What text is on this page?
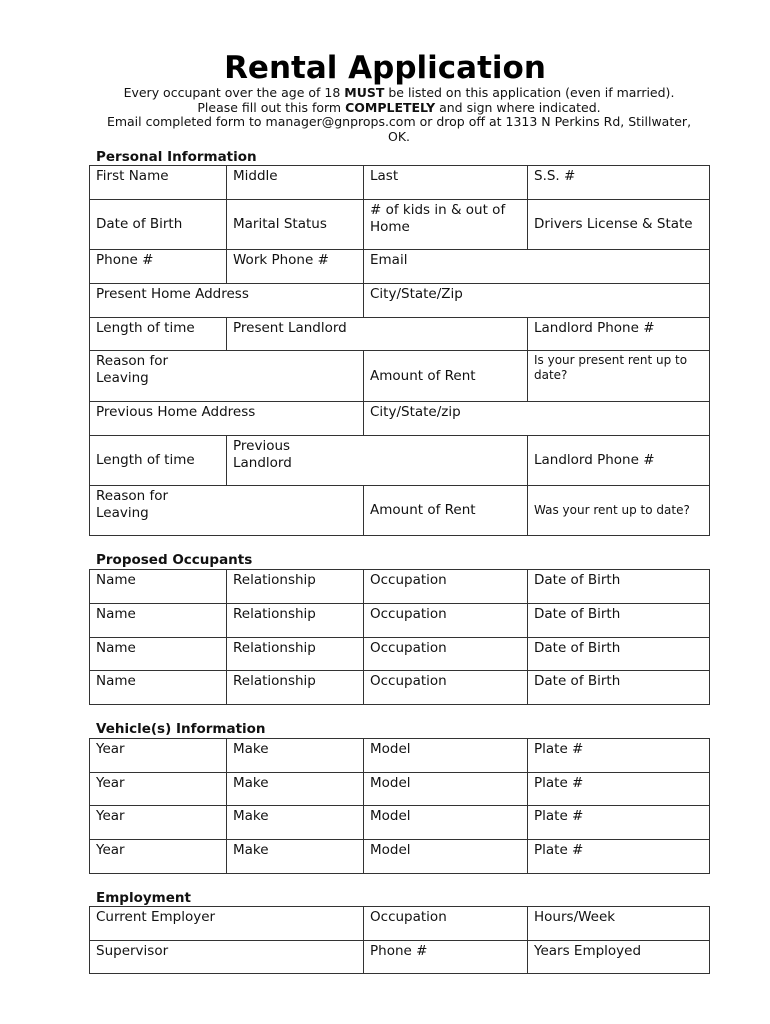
Rental Application
Every occupant over the age of 18 MUST be listed on this application (even if married).
Please fill out this form COMPLETELY and sign where indicated.
Email completed form to manager@gnprops.com or drop off at 1313 N Perkins Rd, Stillwater, OK.
Personal Information
First Name	Middle	Last	S.S. #
Date of Birth	Marital Status	# of kids in & out of Home	Drivers License & State
Phone #	Work Phone #	Email	
Present Home Address		City/State/Zip	
Length of time	Present Landlord		Landlord Phone #

Reason for Leaving		Amount of Rent	Is your present rent up to date?
Previous Home Address		City/State/zip	
Length of time	Previous Landlord		Landlord Phone #

Reason for Leaving		Amount of Rent	Was your rent up to date?
Proposed Occupants
Name	Relationship	Occupation	Date of Birth
Name	Relationship	Occupation	Date of Birth
Name	Relationship	Occupation	Date of Birth
Name	Relationship	Occupation	Date of Birth
Vehicle(s) Information
Year	Make	Model	Plate #
Year	Make	Model	Plate #
Year	Make	Model	Plate #
Year	Make	Model	Plate #
Employment
Current Employer	Occupation	Hours/Week
Supervisor	Phone #	Years Employed
